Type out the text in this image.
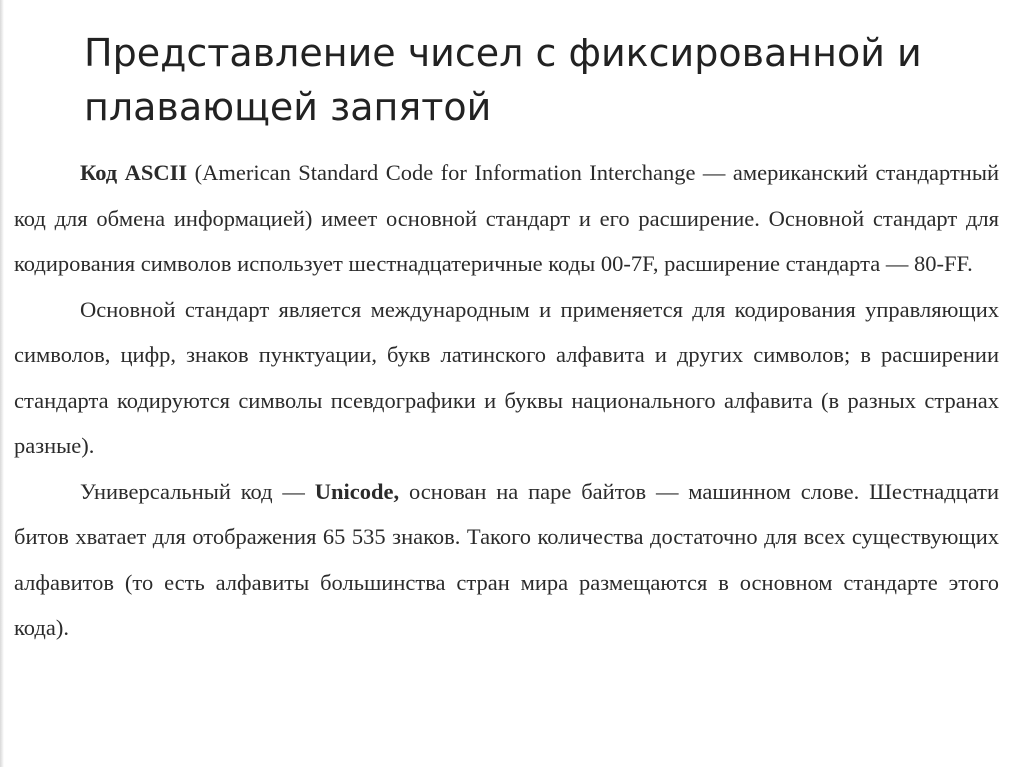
Представление чисел с фиксированной и плавающей запятой

Код ASCII (American Standard Code for Information Interchange — американский стандартный код для обмена информацией) имеет основной стандарт и его расширение. Основной стандарт для кодирования символов использует шестнадцатеричные коды 00-7F, расширение стандарта — 80-FF.

Основной стандарт является международным и применяется для кодирования управляющих символов, цифр, знаков пунктуации, букв латинского алфавита и других символов; в расширении стандарта кодируются символы псевдографики и буквы национального алфавита (в разных странах разные).

Универсальный код — Unicode, основан на паре байтов — машинном слове. Шестнадцати битов хватает для отображения 65 535 знаков. Такого количества достаточно для всех существующих алфавитов (то есть алфавиты большинства стран мира размещаются в основном стандарте этого кода).
